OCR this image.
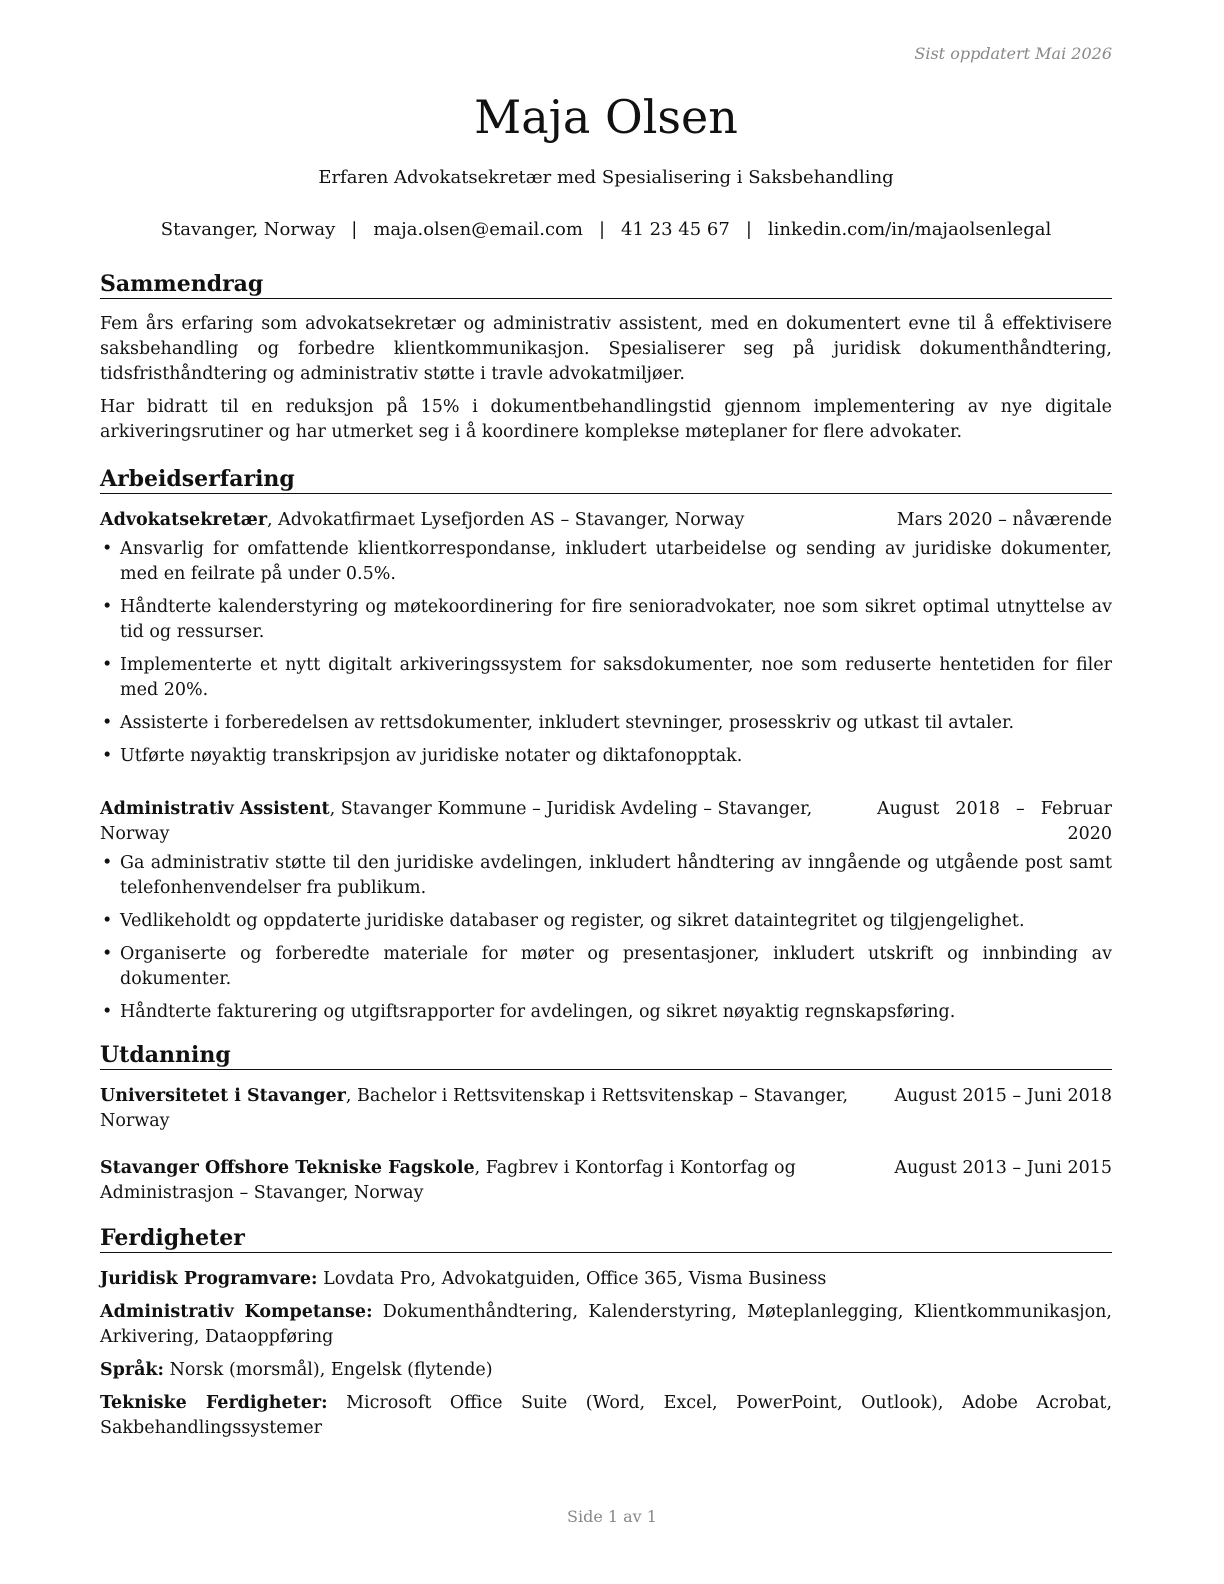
Sist oppdatert Mai 2026
Maja Olsen
Erfaren Advokatsekretær med Spesialisering i Saksbehandling
Stavanger, Norway | maja.olsen@email.com | 41 23 45 67 | linkedin.com/in/majaolsenlegal
Sammendrag

Fem års erfaring som advokatsekretær og administrativ assistent, med en dokumentert evne til å effektivisere saksbehandling og forbedre klientkommunikasjon. Spesialiserer seg på juridisk dokumenthåndtering, tidsfristhåndtering og administrativ støtte i travle advokatmiljøer.

Har bidratt til en reduksjon på 15% i dokumentbehandlingstid gjennom implementering av nye digitale arkiveringsrutiner og har utmerket seg i å koordinere komplekse møteplaner for flere advokater.

Arbeidserfaring
Advokatsekretær, Advokatfirmaet Lysefjorden AS – Stavanger, Norway	Mars 2020 – nåværende
• Ansvarlig for omfattende klientkorrespondanse, inkludert utarbeidelse og sending av juridiske dokumenter, med en feilrate på under 0.5%.
• Håndterte kalenderstyring og møtekoordinering for fire senioradvokater, noe som sikret optimal utnyttelse av tid og ressurser.
• Implementerte et nytt digitalt arkiveringssystem for saksdokumenter, noe som reduserte hentetiden for filer med 20%.
• Assisterte i forberedelsen av rettsdokumenter, inkludert stevninger, prosesskriv og utkast til avtaler.
• Utførte nøyaktig transkripsjon av juridiske notater og diktafonopptak.
Administrativ Assistent, Stavanger Kommune – Juridisk Avdeling – Stavanger, Norway
August 2018 – Februar 2020
• Ga administrativ støtte til den juridiske avdelingen, inkludert håndtering av inngående og utgående post samt telefonhenvendelser fra publikum.
• Vedlikeholdt og oppdaterte juridiske databaser og register, og sikret dataintegritet og tilgjengelighet.
• Organiserte og forberedte materiale for møter og presentasjoner, inkludert utskrift og innbinding av dokumenter.
• Håndterte fakturering og utgiftsrapporter for avdelingen, og sikret nøyaktig regnskapsføring.
Utdanning
Universitetet i Stavanger, Bachelor i Rettsvitenskap i Rettsvitenskap – Stavanger, Norway
August 2015 – Juni 2018
Stavanger Offshore Tekniske Fagskole, Fagbrev i Kontorfag i Kontorfag og Administrasjon – Stavanger, Norway
August 2013 – Juni 2015
Ferdigheter
Juridisk Programvare: Lovdata Pro, Advokatguiden, Office 365, Visma Business
Administrativ Kompetanse: Dokumenthåndtering, Kalenderstyring, Møteplanlegging, Klientkommunikasjon, Arkivering, Dataoppføring
Språk: Norsk (morsmål), Engelsk (flytende)
Tekniske Ferdigheter: Microsoft Office Suite (Word, Excel, PowerPoint, Outlook), Adobe Acrobat, Sakbehandlingssystemer
Side 1 av 1
